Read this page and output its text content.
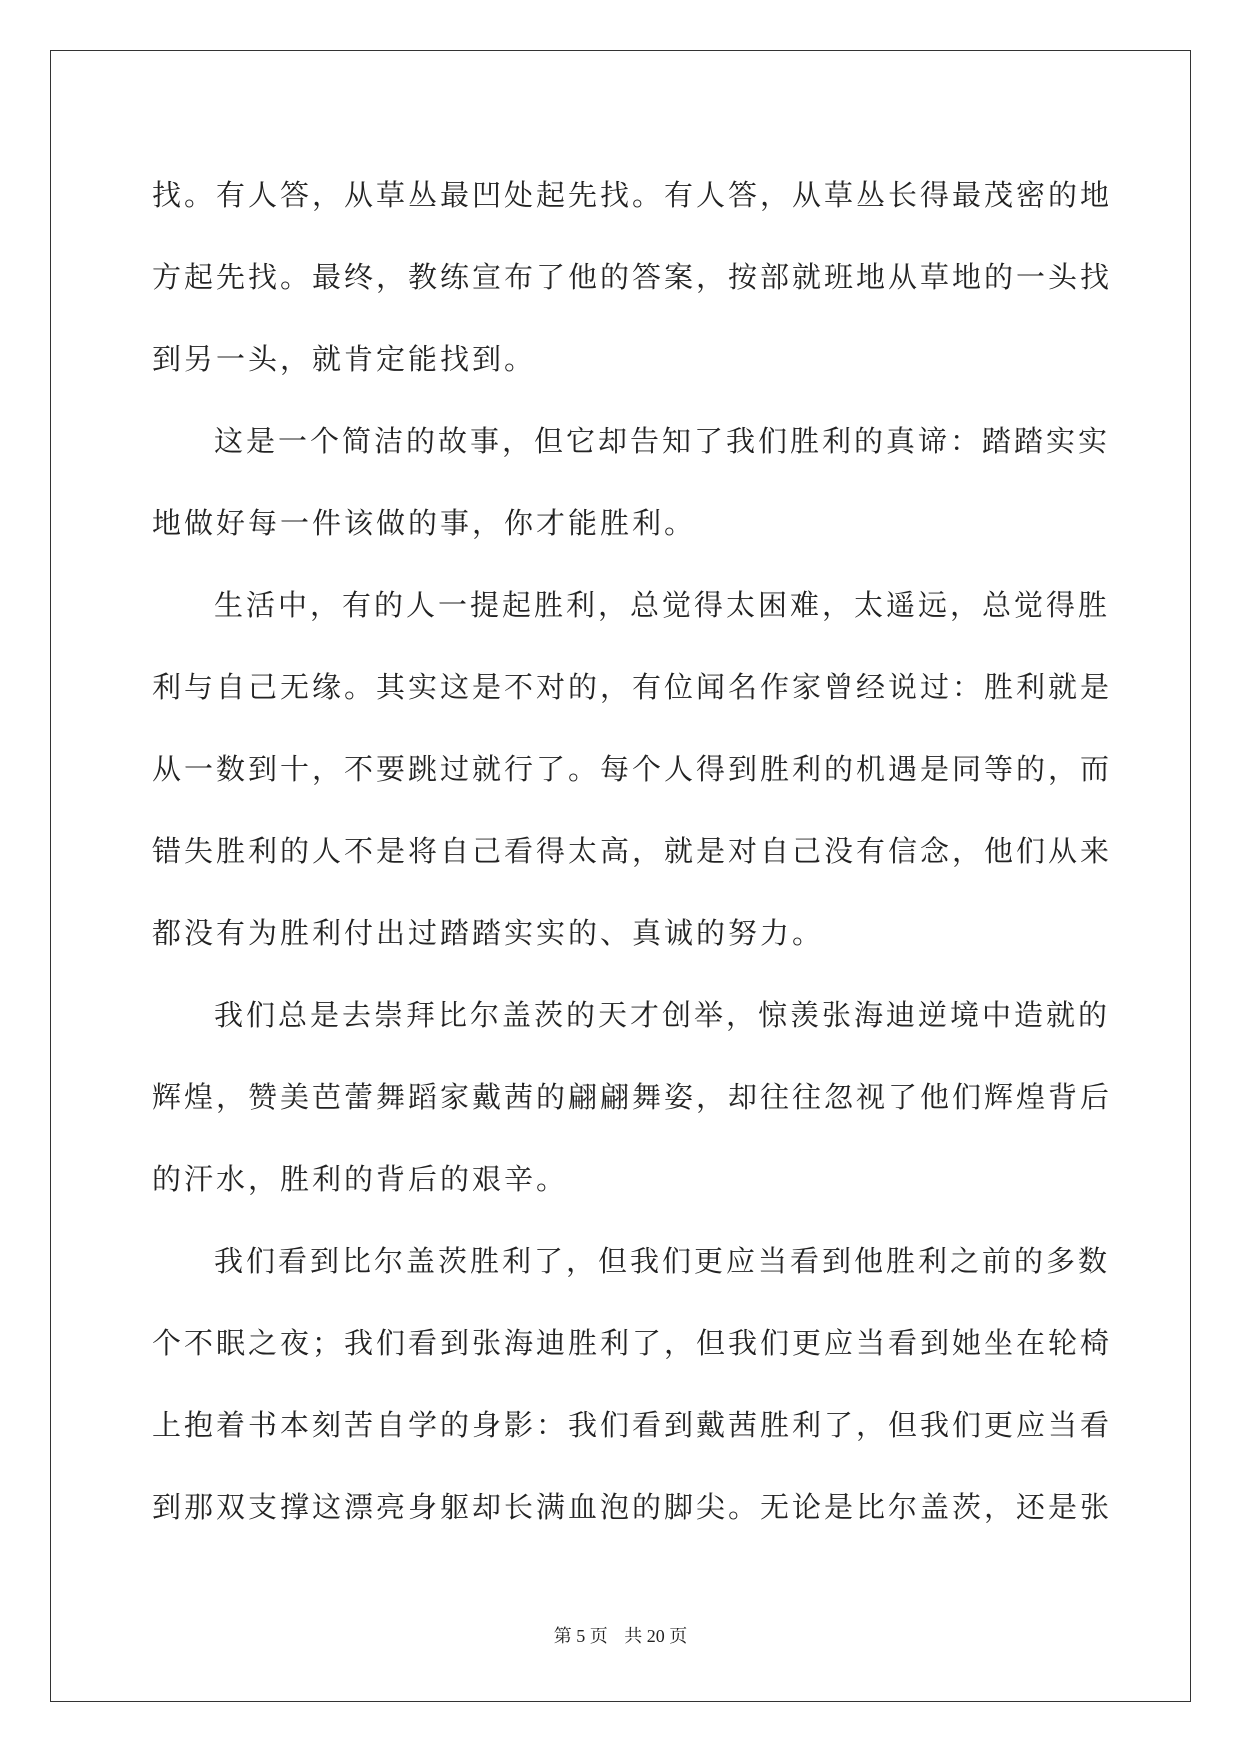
找。有人答，从草丛最凹处起先找。有人答，从草丛长得最茂密的地
方起先找。最终，教练宣布了他的答案，按部就班地从草地的一头找
到另一头，就肯定能找到。
这是一个简洁的故事，但它却告知了我们胜利的真谛：踏踏实实
地做好每一件该做的事，你才能胜利。
生活中，有的人一提起胜利，总觉得太困难，太遥远，总觉得胜
利与自己无缘。其实这是不对的，有位闻名作家曾经说过：胜利就是
从一数到十，不要跳过就行了。每个人得到胜利的机遇是同等的，而
错失胜利的人不是将自己看得太高，就是对自己没有信念，他们从来
都没有为胜利付出过踏踏实实的、真诚的努力。
我们总是去崇拜比尔盖茨的天才创举，惊羡张海迪逆境中造就的
辉煌，赞美芭蕾舞蹈家戴茜的翩翩舞姿，却往往忽视了他们辉煌背后
的汗水，胜利的背后的艰辛。
我们看到比尔盖茨胜利了，但我们更应当看到他胜利之前的多数
个不眠之夜；我们看到张海迪胜利了，但我们更应当看到她坐在轮椅
上抱着书本刻苦自学的身影：我们看到戴茜胜利了，但我们更应当看
到那双支撑这漂亮身躯却长满血泡的脚尖。无论是比尔盖茨，还是张
第 5 页 共 20 页
